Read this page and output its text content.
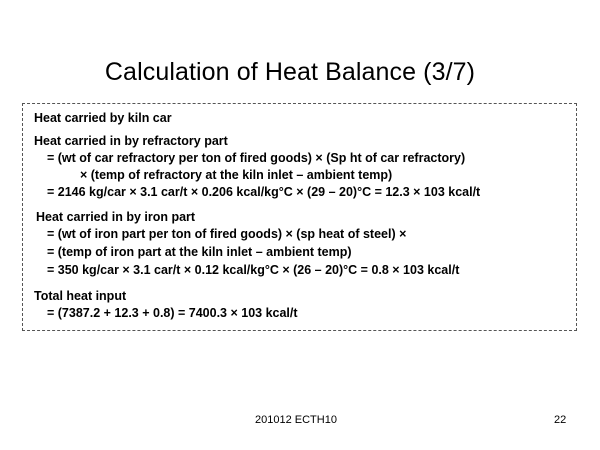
Calculation of Heat Balance (3/7)
Heat carried by kiln car
Heat carried in by refractory part
= (wt of car refractory per ton of fired goods) × (Sp ht of car refractory)
× (temp of refractory at the kiln inlet – ambient temp)
= 2146 kg/car × 3.1 car/t × 0.206 kcal/kg°C × (29 – 20)°C = 12.3 × 103 kcal/t
Heat carried in by iron part
= (wt of iron part per ton of fired goods) × (sp heat of steel) ×
= (temp of iron part at the kiln inlet – ambient temp)
= 350 kg/car × 3.1 car/t × 0.12 kcal/kg°C × (26 – 20)°C = 0.8 × 103 kcal/t
Total heat input
= (7387.2 + 12.3 + 0.8) = 7400.3 × 103 kcal/t
201012 ECTH10	22
